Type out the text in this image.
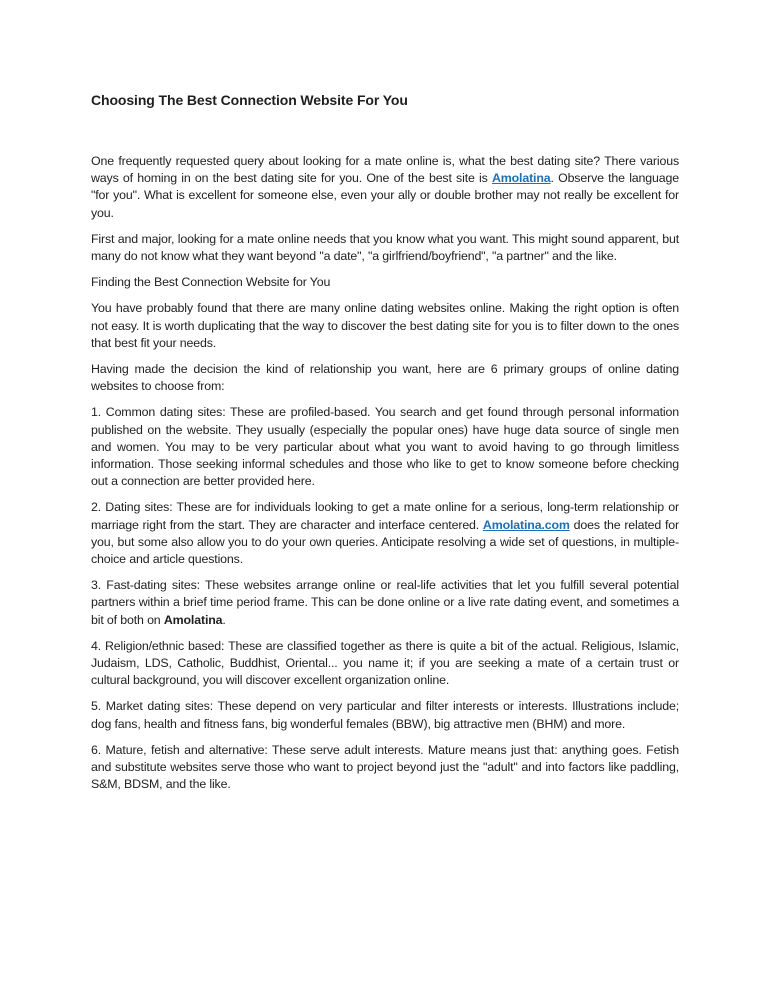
Choosing The Best Connection Website For You

One frequently requested query about looking for a mate online is, what the best dating site? There various ways of homing in on the best dating site for you. One of the best site is Amolatina. Observe the language "for you". What is excellent for someone else, even your ally or double brother may not really be excellent for you.

First and major, looking for a mate online needs that you know what you want. This might sound apparent, but many do not know what they want beyond "a date", "a girlfriend/boyfriend", "a partner" and the like.

Finding the Best Connection Website for You

You have probably found that there are many online dating websites online. Making the right option is often not easy. It is worth duplicating that the way to discover the best dating site for you is to filter down to the ones that best fit your needs.

Having made the decision the kind of relationship you want, here are 6 primary groups of online dating websites to choose from:

1. Common dating sites: These are profiled-based. You search and get found through personal information published on the website. They usually (especially the popular ones) have huge data source of single men and women. You may to be very particular about what you want to avoid having to go through limitless information. Those seeking informal schedules and those who like to get to know someone before checking out a connection are better provided here.

2. Dating sites: These are for individuals looking to get a mate online for a serious, long-term relationship or marriage right from the start. They are character and interface centered. Amolatina.com does the related for you, but some also allow you to do your own queries. Anticipate resolving a wide set of questions, in multiple-choice and article questions.

3. Fast-dating sites: These websites arrange online or real-life activities that let you fulfill several potential partners within a brief time period frame. This can be done online or a live rate dating event, and sometimes a bit of both on Amolatina.

4. Religion/ethnic based: These are classified together as there is quite a bit of the actual. Religious, Islamic, Judaism, LDS, Catholic, Buddhist, Oriental... you name it; if you are seeking a mate of a certain trust or cultural background, you will discover excellent organization online.

5. Market dating sites: These depend on very particular and filter interests or interests. Illustrations include; dog fans, health and fitness fans, big wonderful females (BBW), big attractive men (BHM) and more.

6. Mature, fetish and alternative: These serve adult interests. Mature means just that: anything goes. Fetish and substitute websites serve those who want to project beyond just the "adult" and into factors like paddling, S&M, BDSM, and the like.
